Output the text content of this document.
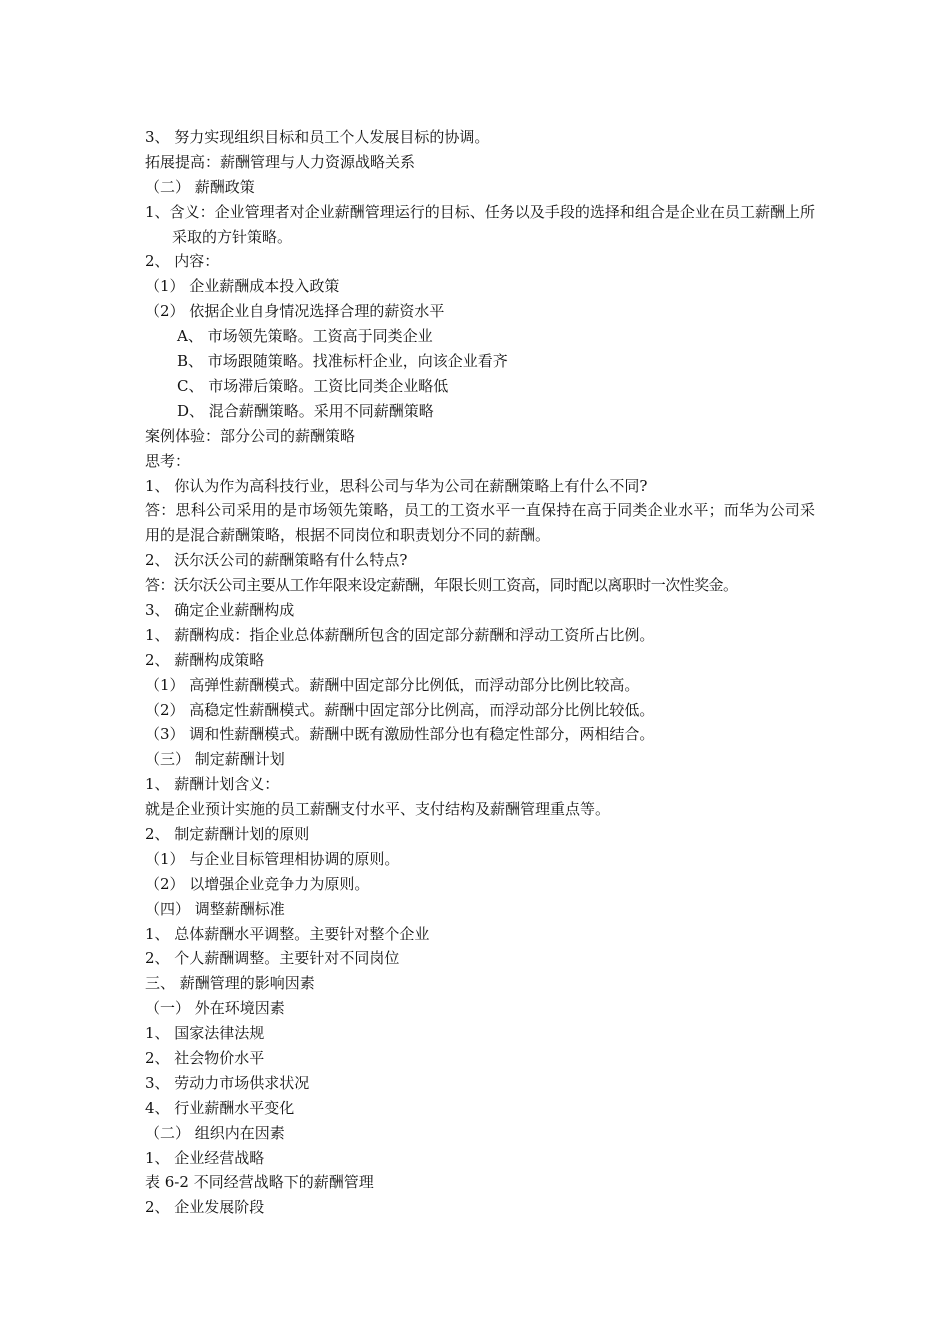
3、 努力实现组织目标和员工个人发展目标的协调。
拓展提高：薪酬管理与人力资源战略关系
（二） 薪酬政策
1、含义：企业管理者对企业薪酬管理运行的目标、任务以及手段的选择和组合是企业在员工薪酬上所采取的方针策略。
2、 内容：
（1） 企业薪酬成本投入政策
（2） 依据企业自身情况选择合理的薪资水平
A、 市场领先策略。工资高于同类企业
B、 市场跟随策略。找准标杆企业，向该企业看齐
C、 市场滞后策略。工资比同类企业略低
D、 混合薪酬策略。采用不同薪酬策略
案例体验：部分公司的薪酬策略
思考：
1、 你认为作为高科技行业，思科公司与华为公司在薪酬策略上有什么不同?
答：思科公司采用的是市场领先策略，员工的工资水平一直保持在高于同类企业水平；而华为公司采用的是混合薪酬策略，根据不同岗位和职责划分不同的薪酬。
2、 沃尔沃公司的薪酬策略有什么特点?
答：沃尔沃公司主要从工作年限来设定薪酬，年限长则工资高，同时配以离职时一次性奖金。
3、 确定企业薪酬构成
1、 薪酬构成：指企业总体薪酬所包含的固定部分薪酬和浮动工资所占比例。
2、 薪酬构成策略
（1） 高弹性薪酬模式。薪酬中固定部分比例低，而浮动部分比例比较高。
（2） 高稳定性薪酬模式。薪酬中固定部分比例高，而浮动部分比例比较低。
（3） 调和性薪酬模式。薪酬中既有激励性部分也有稳定性部分，两相结合。
（三） 制定薪酬计划
1、 薪酬计划含义：
就是企业预计实施的员工薪酬支付水平、支付结构及薪酬管理重点等。
2、 制定薪酬计划的原则
（1） 与企业目标管理相协调的原则。
（2） 以增强企业竞争力为原则。
（四） 调整薪酬标准
1、 总体薪酬水平调整。主要针对整个企业
2、 个人薪酬调整。主要针对不同岗位
三、 薪酬管理的影响因素
（一） 外在环境因素
1、 国家法律法规
2、 社会物价水平
3、 劳动力市场供求状况
4、 行业薪酬水平变化
（二） 组织内在因素
1、 企业经营战略
表 6-2 不同经营战略下的薪酬管理
2、 企业发展阶段
